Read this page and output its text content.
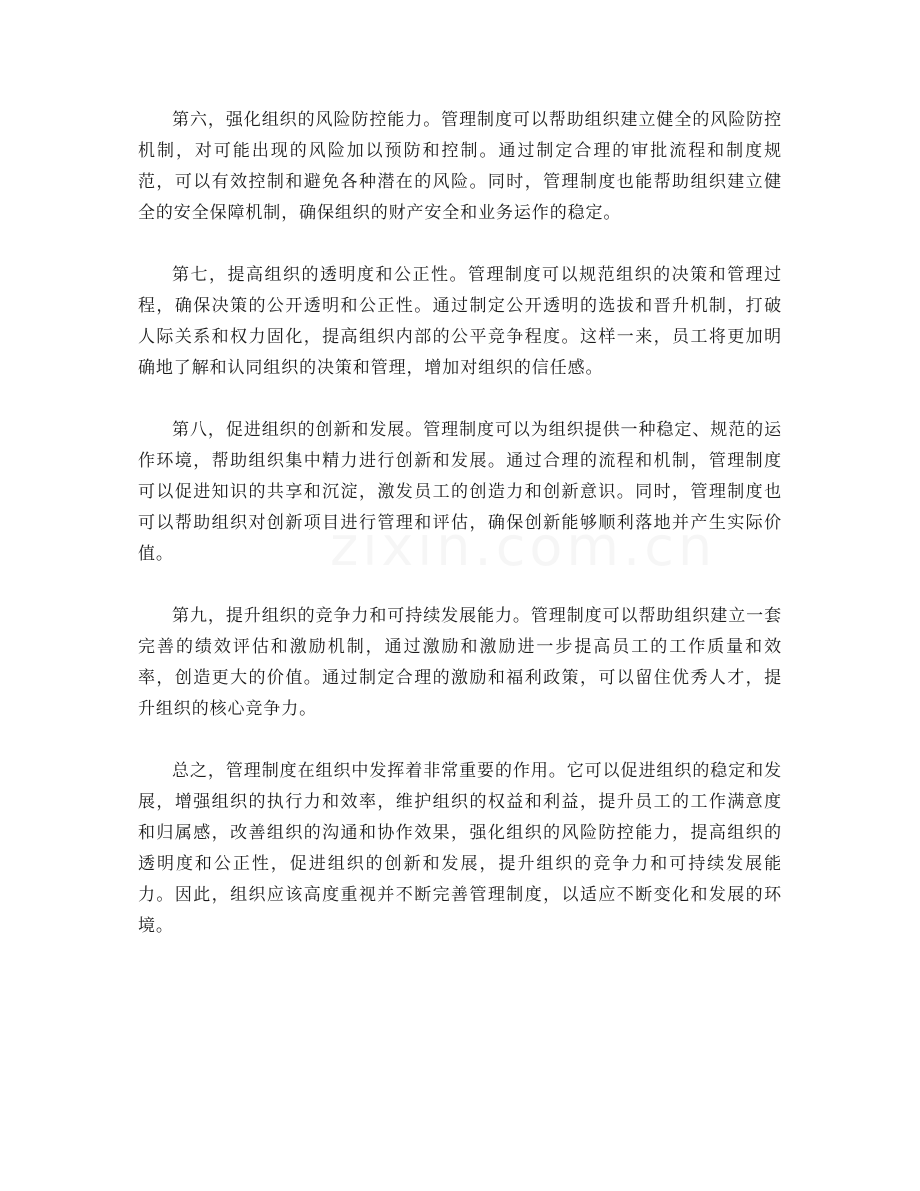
第六，强化组织的风险防控能力。管理制度可以帮助组织建立健全的风险防控机制，对可能出现的风险加以预防和控制。通过制定合理的审批流程和制度规范，可以有效控制和避免各种潜在的风险。同时，管理制度也能帮助组织建立健全的安全保障机制，确保组织的财产安全和业务运作的稳定。

第七，提高组织的透明度和公正性。管理制度可以规范组织的决策和管理过程，确保决策的公开透明和公正性。通过制定公开透明的选拔和晋升机制，打破人际关系和权力固化，提高组织内部的公平竞争程度。这样一来，员工将更加明确地了解和认同组织的决策和管理，增加对组织的信任感。

第八，促进组织的创新和发展。管理制度可以为组织提供一种稳定、规范的运作环境，帮助组织集中精力进行创新和发展。通过合理的流程和机制，管理制度可以促进知识的共享和沉淀，激发员工的创造力和创新意识。同时，管理制度也可以帮助组织对创新项目进行管理和评估，确保创新能够顺利落地并产生实际价值。

第九，提升组织的竞争力和可持续发展能力。管理制度可以帮助组织建立一套完善的绩效评估和激励机制，通过激励和激励进一步提高员工的工作质量和效率，创造更大的价值。通过制定合理的激励和福利政策，可以留住优秀人才，提升组织的核心竞争力。

总之，管理制度在组织中发挥着非常重要的作用。它可以促进组织的稳定和发展，增强组织的执行力和效率，维护组织的权益和利益，提升员工的工作满意度和归属感，改善组织的沟通和协作效果，强化组织的风险防控能力，提高组织的透明度和公正性，促进组织的创新和发展，提升组织的竞争力和可持续发展能力。因此，组织应该高度重视并不断完善管理制度，以适应不断变化和发展的环境。
